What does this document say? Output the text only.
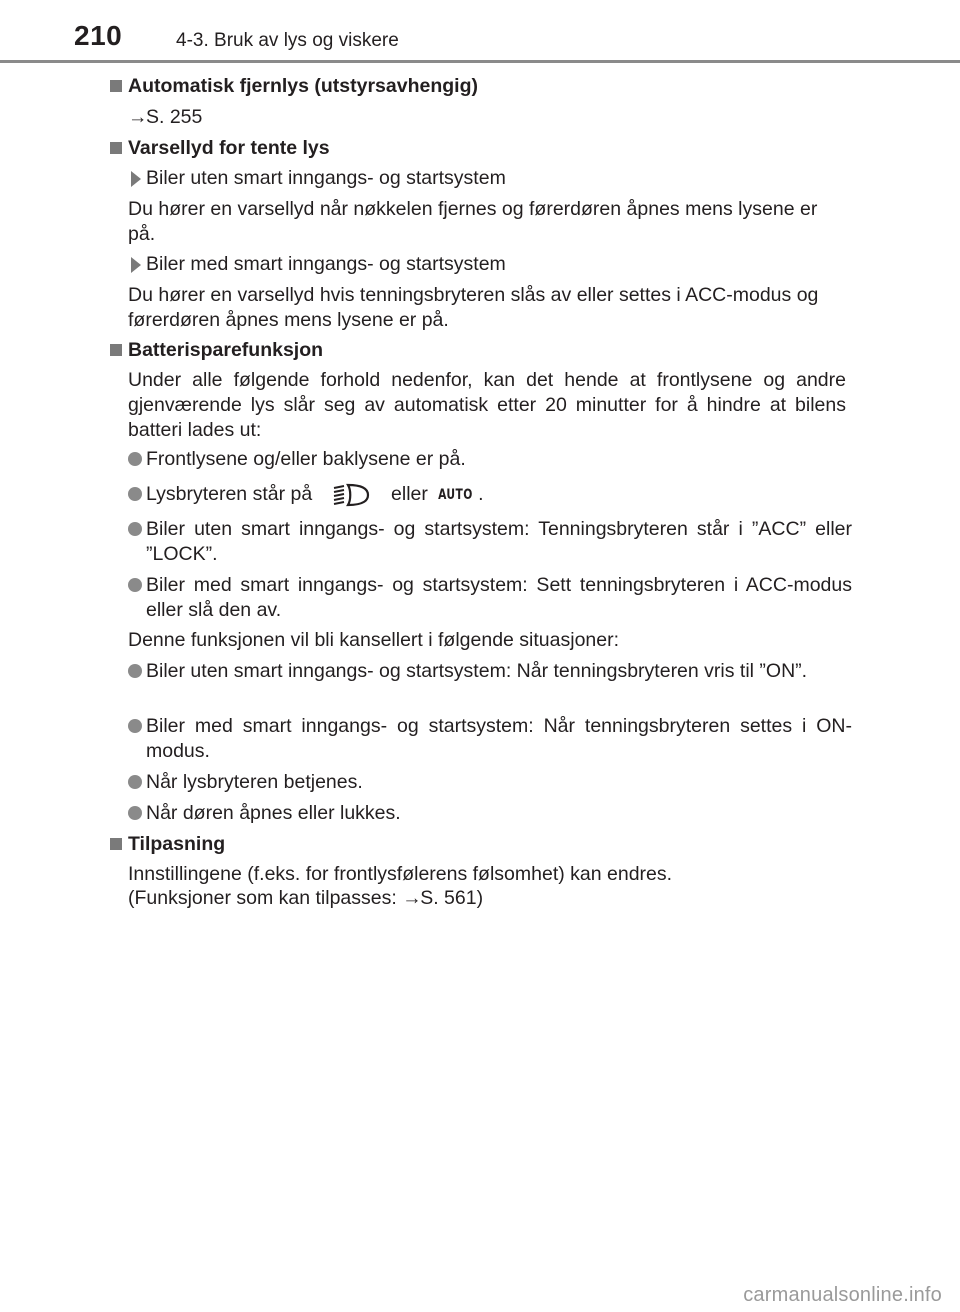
210	4-3. Bruk av lys og viskere
Automatisk fjernlys (utstyrsavhengig)
→S. 255
Varsellyd for tente lys
Biler uten smart inngangs- og startsystem
Du hører en varsellyd når nøkkelen fjernes og førerdøren åpnes mens lysene er på.
Biler med smart inngangs- og startsystem
Du hører en varsellyd hvis tenningsbryteren slås av eller settes i ACC-modus og førerdøren åpnes mens lysene er på.
Batterisparefunksjon
Under alle følgende forhold nedenfor, kan det hende at frontlysene og andre gjenværende lys slår seg av automatisk etter 20 minutter for å hindre at bilens batteri lades ut:
Frontlysene og/eller baklysene er på.
Lysbryteren står på	eller AUTO .
Biler uten smart inngangs- og startsystem: Tenningsbryteren står i ”ACC” eller ”LOCK”.
Biler med smart inngangs- og startsystem: Sett tenningsbryteren i ACC-modus eller slå den av.
Denne funksjonen vil bli kansellert i følgende situasjoner:
Biler uten smart inngangs- og startsystem: Når tenningsbryteren vris til ”ON”.
Biler med smart inngangs- og startsystem: Når tenningsbryteren settes i ON-modus.
Når lysbryteren betjenes.
Når døren åpnes eller lukkes.
Tilpasning
Innstillingene (f.eks. for frontlysfølerens følsomhet) kan endres.
(Funksjoner som kan tilpasses: →S. 561)
carmanualsonline.info
